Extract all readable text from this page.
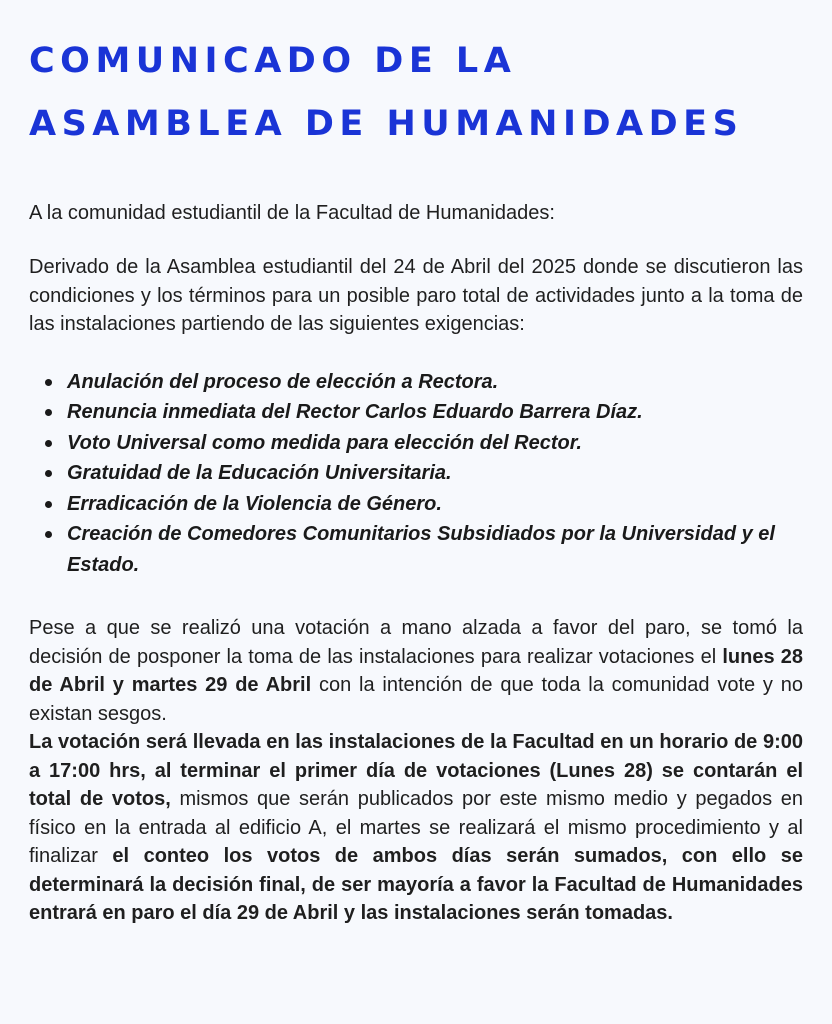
COMUNICADO DE LA
ASAMBLEA DE HUMANIDADES

A la comunidad estudiantil de la Facultad de Humanidades:

Derivado de la Asamblea estudiantil del 24 de Abril del 2025 donde se discutieron las condiciones y los términos para un posible paro total de actividades junto a la toma de las instalaciones partiendo de las siguientes exigencias:

Anulación del proceso de elección a Rectora.
Renuncia inmediata del Rector Carlos Eduardo Barrera Díaz.
Voto Universal como medida para elección del Rector.
Gratuidad de la Educación Universitaria.
Erradicación de la Violencia de Género.
Creación de Comedores Comunitarios Subsidiados por la Universidad y el Estado.

Pese a que se realizó una votación a mano alzada a favor del paro, se tomó la decisión de posponer la toma de las instalaciones para realizar votaciones el lunes 28 de Abril y martes 29 de Abril con la intención de que toda la comunidad vote y no existan sesgos.

La votación será llevada en las instalaciones de la Facultad en un horario de 9:00 a 17:00 hrs, al terminar el primer día de votaciones (Lunes 28) se contarán el total de votos, mismos que serán publicados por este mismo medio y pegados en físico en la entrada al edificio A, el martes se realizará el mismo procedimiento y al finalizar el conteo los votos de ambos días serán sumados, con ello se determinará la decisión final, de ser mayoría a favor la Facultad de Humanidades entrará en paro el día 29 de Abril y las instalaciones serán tomadas.
